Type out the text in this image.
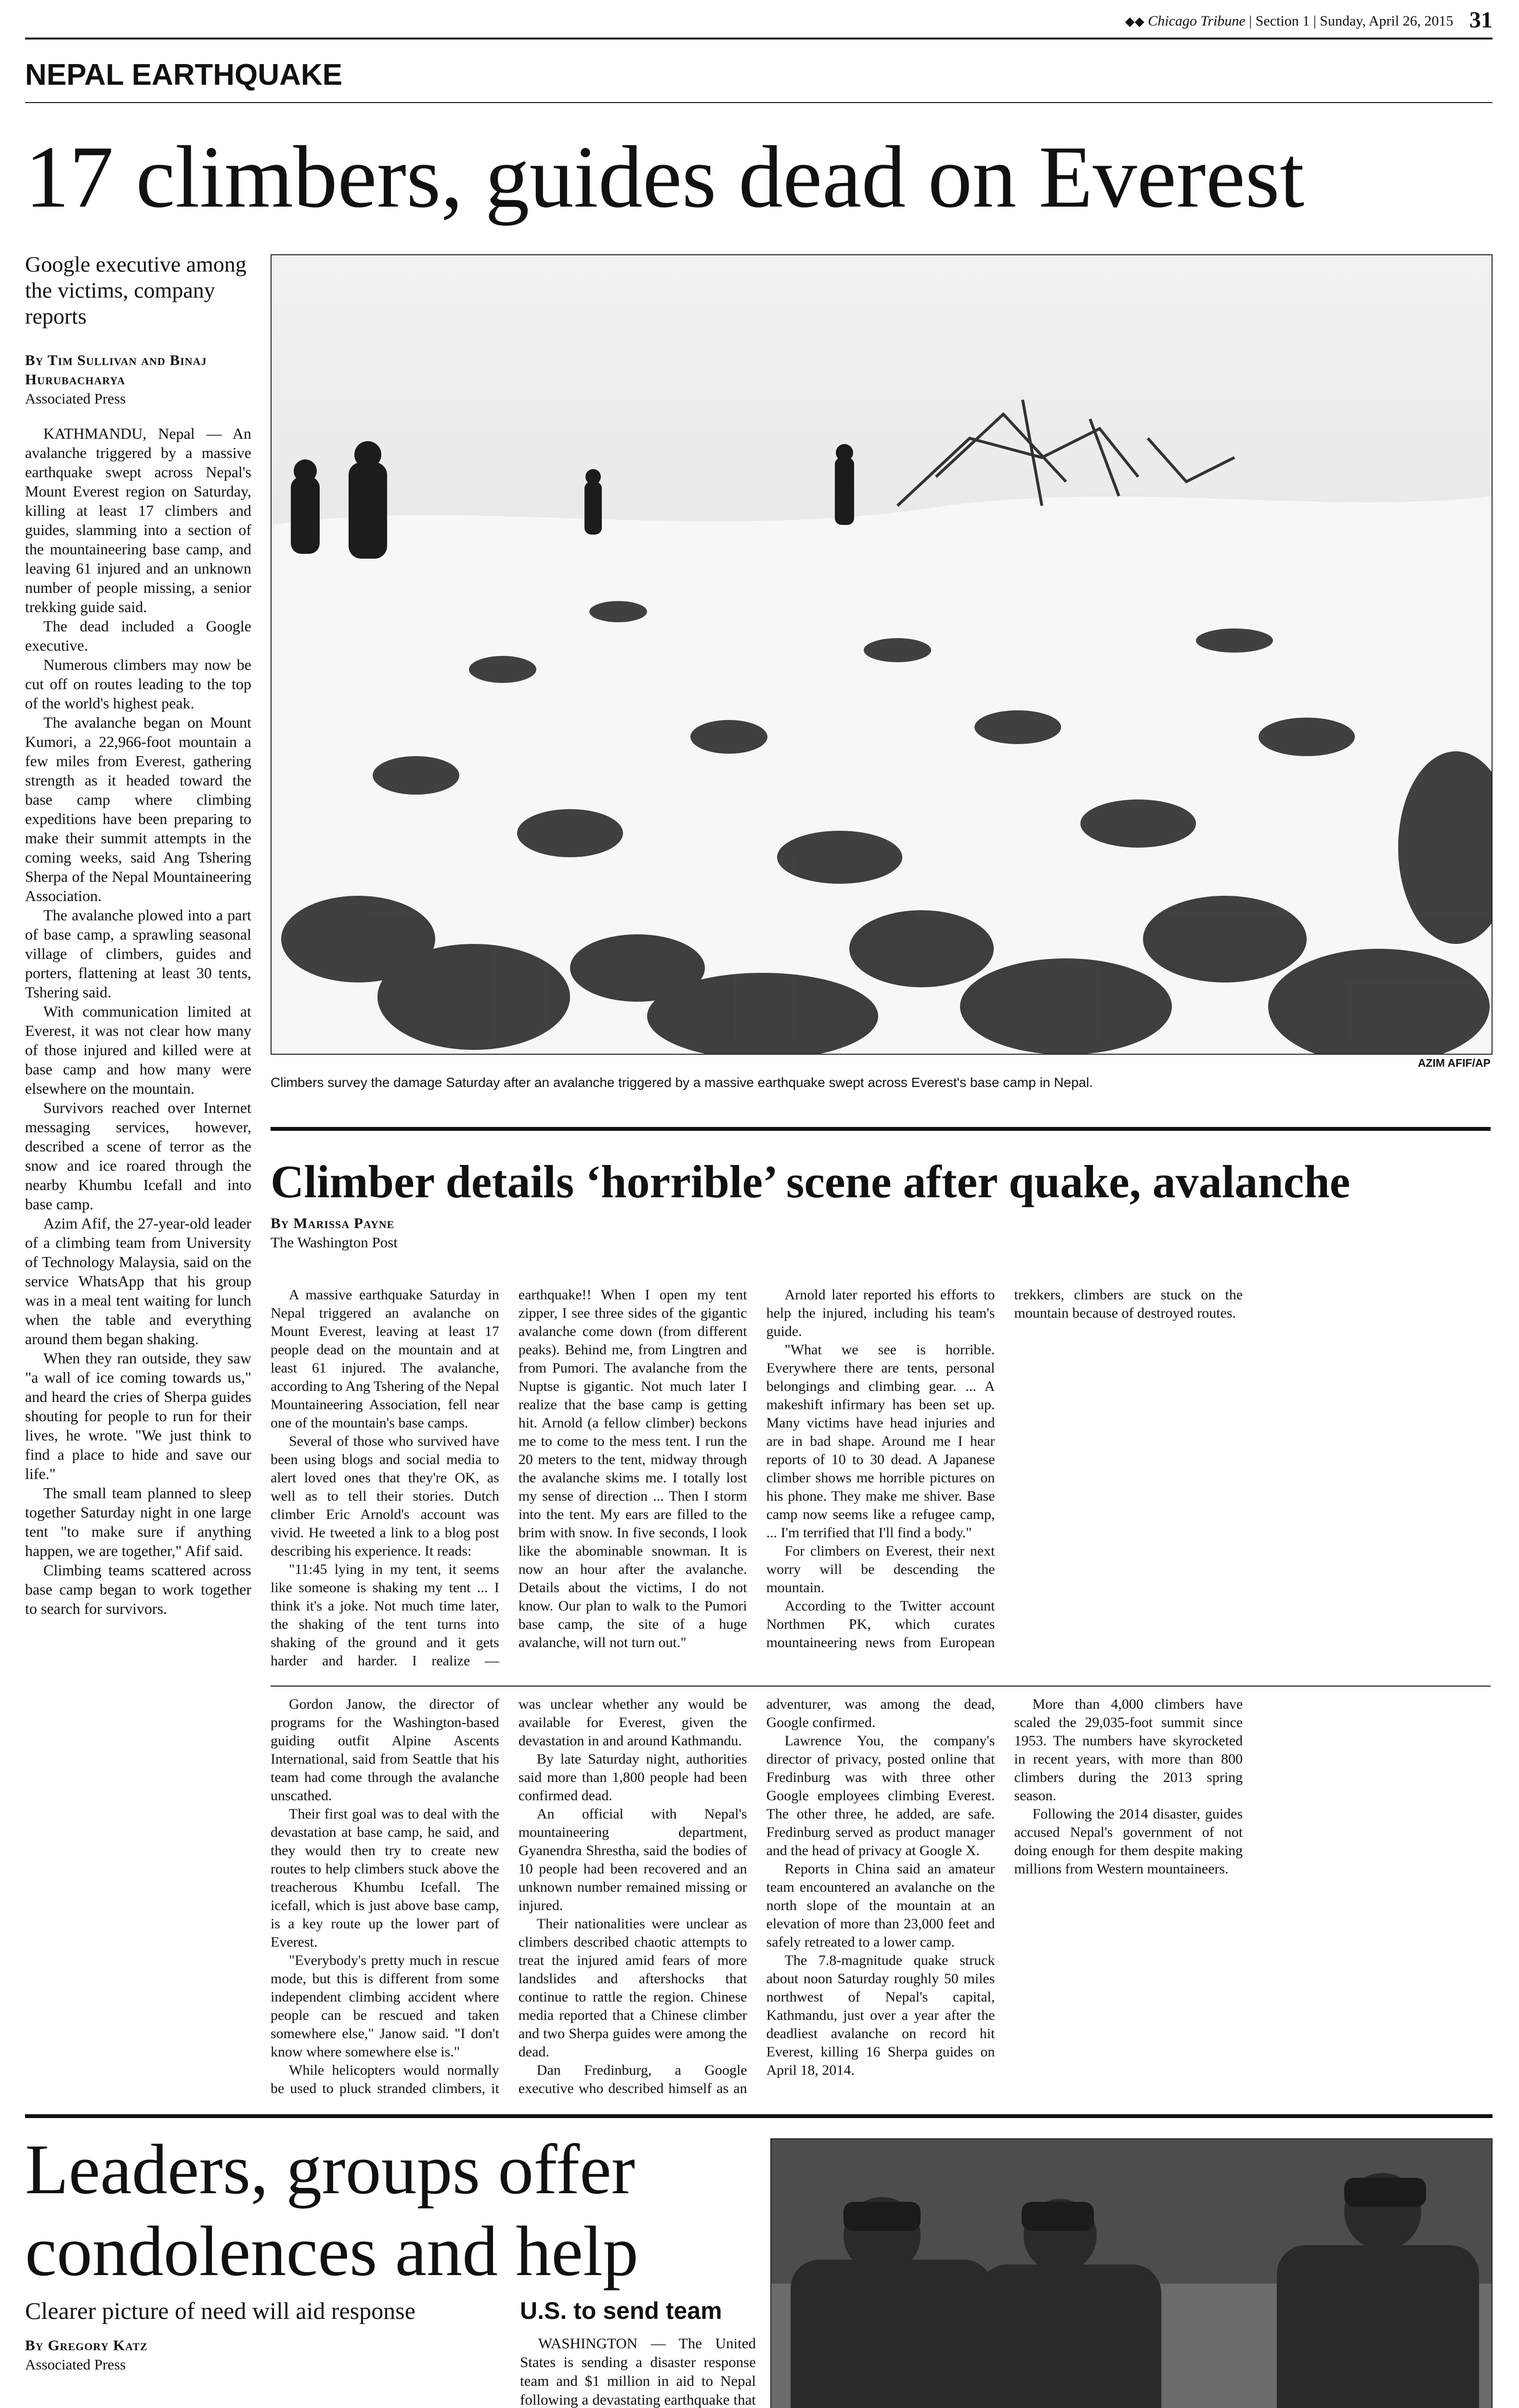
◆◆ Chicago Tribune | Section 1 | Sunday, April 26, 2015 31
NEPAL EARTHQUAKE
17 climbers, guides dead on Everest
Google executive among the victims, company reports
By Tim Sullivan and Binaj Hurubacharya
Associated Press

KATHMANDU, Nepal — An avalanche triggered by a massive earthquake swept across Nepal's Mount Everest region on Saturday, killing at least 17 climbers and guides, slamming into a section of the mountaineering base camp, and leaving 61 injured and an unknown number of people missing, a senior trekking guide said.

The dead included a Google executive.

Numerous climbers may now be cut off on routes leading to the top of the world's highest peak.

The avalanche began on Mount Kumori, a 22,966-foot mountain a few miles from Everest, gathering strength as it headed toward the base camp where climbing expeditions have been preparing to make their summit attempts in the coming weeks, said Ang Tshering Sherpa of the Nepal Mountaineering Association.

The avalanche plowed into a part of base camp, a sprawling seasonal village of climbers, guides and porters, flattening at least 30 tents, Tshering said.

With communication limited at Everest, it was not clear how many of those injured and killed were at base camp and how many were elsewhere on the mountain.

Survivors reached over Internet messaging services, however, described a scene of terror as the snow and ice roared through the nearby Khumbu Icefall and into base camp.

Azim Afif, the 27-year-old leader of a climbing team from University of Technology Malaysia, said on the service WhatsApp that his group was in a meal tent waiting for lunch when the table and everything around them began shaking.

When they ran outside, they saw "a wall of ice coming towards us," and heard the cries of Sherpa guides shouting for people to run for their lives, he wrote. "We just think to find a place to hide and save our life."

The small team planned to sleep together Saturday night in one large tent "to make sure if anything happen, we are together," Afif said.

Climbing teams scattered across base camp began to work together to search for survivors.

AZIM AFIF/AP
Climbers survey the damage Saturday after an avalanche triggered by a massive earthquake swept across Everest's base camp in Nepal.
Climber details ‘horrible’ scene after quake, avalanche
By Marissa Payne
The Washington Post

A massive earthquake Saturday in Nepal triggered an avalanche on Mount Everest, leaving at least 17 people dead on the mountain and at least 61 injured. The avalanche, according to Ang Tshering of the Nepal Mountaineering Association, fell near one of the mountain's base camps.

Several of those who survived have been using blogs and social media to alert loved ones that they're OK, as well as to tell their stories. Dutch climber Eric Arnold's account was vivid. He tweeted a link to a blog post describing his experience. It reads:

"11:45 lying in my tent, it seems like someone is shaking my tent ... I think it's a joke. Not much time later, the shaking of the tent turns into shaking of the ground and it gets harder and harder. I realize — earthquake!! When I open my tent zipper, I see three sides of the gigantic avalanche come down (from different peaks). Behind me, from Lingtren and from Pumori. The avalanche from the Nuptse is gigantic. Not much later I realize that the base camp is getting hit. Arnold (a fellow climber) beckons me to come to the mess tent. I run the 20 meters to the tent, midway through the avalanche skims me. I totally lost my sense of direction ... Then I storm into the tent. My ears are filled to the brim with snow. In five seconds, I look like the abominable snowman. It is now an hour after the avalanche. Details about the victims, I do not know. Our plan to walk to the Pumori base camp, the site of a huge avalanche, will not turn out."

Arnold later reported his efforts to help the injured, including his team's guide.

"What we see is horrible. Everywhere there are tents, personal belongings and climbing gear. ... A makeshift infirmary has been set up. Many victims have head injuries and are in bad shape. Around me I hear reports of 10 to 30 dead. A Japanese climber shows me horrible pictures on his phone. They make me shiver. Base camp now seems like a refugee camp, ... I'm terrified that I'll find a body."

For climbers on Everest, their next worry will be descending the mountain.

According to the Twitter account Northmen PK, which curates mountaineering news from European trekkers, climbers are stuck on the mountain because of destroyed routes.

Gordon Janow, the director of programs for the Washington-based guiding outfit Alpine Ascents International, said from Seattle that his team had come through the avalanche unscathed.

Their first goal was to deal with the devastation at base camp, he said, and they would then try to create new routes to help climbers stuck above the treacherous Khumbu Icefall. The icefall, which is just above base camp, is a key route up the lower part of Everest.

"Everybody's pretty much in rescue mode, but this is different from some independent climbing accident where people can be rescued and taken somewhere else," Janow said. "I don't know where somewhere else is."

While helicopters would normally be used to pluck stranded climbers, it was unclear whether any would be available for Everest, given the devastation in and around Kathmandu.

By late Saturday night, authorities said more than 1,800 people had been confirmed dead.

An official with Nepal's mountaineering department, Gyanendra Shrestha, said the bodies of 10 people had been recovered and an unknown number remained missing or injured.

Their nationalities were unclear as climbers described chaotic attempts to treat the injured amid fears of more landslides and aftershocks that continue to rattle the region. Chinese media reported that a Chinese climber and two Sherpa guides were among the dead.

Dan Fredinburg, a Google executive who described himself as an adventurer, was among the dead, Google confirmed.

Lawrence You, the company's director of privacy, posted online that Fredinburg was with three other Google employees climbing Everest. The other three, he added, are safe. Fredinburg served as product manager and the head of privacy at Google X.

Reports in China said an amateur team encountered an avalanche on the north slope of the mountain at an elevation of more than 23,000 feet and safely retreated to a lower camp.

The 7.8-magnitude quake struck about noon Saturday roughly 50 miles northwest of Nepal's capital, Kathmandu, just over a year after the deadliest avalanche on record hit Everest, killing 16 Sherpa guides on April 18, 2014.

More than 4,000 climbers have scaled the 29,035-foot summit since 1953. The numbers have skyrocketed in recent years, with more than 800 climbers during the 2013 spring season.

Following the 2014 disaster, guides accused Nepal's government of not doing enough for them despite making millions from Western mountaineers.

Leaders, groups offer condolences and help
Clearer picture of need will aid response
By Gregory Katz
Associated Press
U.S. to send team

WASHINGTON — The United States is sending a disaster response team and $1 million in aid to Nepal following a devastating earthquake that
